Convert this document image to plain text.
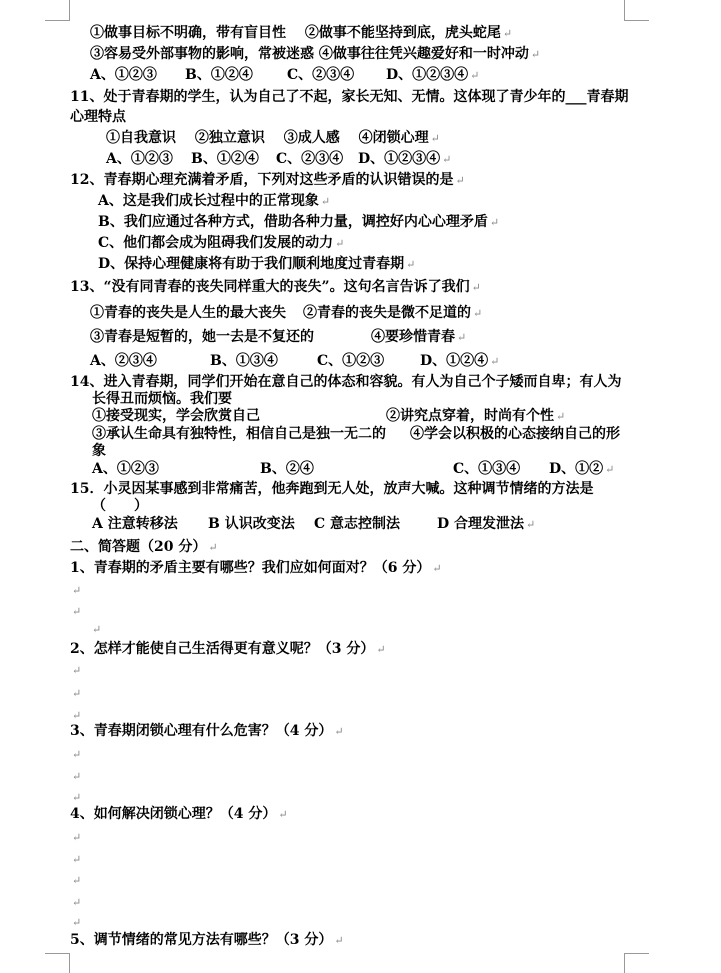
①做事目标不明确，带有盲目性　 ②做事不能坚持到底，虎头蛇尾 ↵
③容易受外部事物的影响，常被迷惑 ④做事往往凭兴趣爱好和一时冲动 ↵
A、①②③ B、①②④ C、②③④ D、①②③④ ↵
11、处于青春期的学生，认为自己了不起，家长无知、无情。这体现了青少年的___青春期
心理特点
①自我意识　 ②独立意识　 ③成人感　 ④闭锁心理 ↵
A、①②③ B、①②④ C、②③④ D、①②③④ ↵
12、青春期心理充满着矛盾，下列对这些矛盾的认识错误的是 ↵
A、这是我们成长过程中的正常现象 ↵
B、我们应通过各种方式，借助各种力量，调控好内心心理矛盾 ↵
C、他们都会成为阻碍我们发展的动力 ↵
D、保持心理健康将有助于我们顺利地度过青春期 ↵
13、“没有同青春的丧失同样重大的丧失”。这句名言告诉了我们 ↵
①青春的丧失是人生的最大丧失 ②青春的丧失是微不足道的 ↵
③青春是短暂的，她一去是不复还的	④要珍惜青春 ↵
A、②③④	B、①③④	C、①②③	D、①②④ ↵
14、进入青春期，同学们开始在意自己的体态和容貌。有人为自己个子矮而自卑；有人为
长得丑而烦恼。我们要
①接受现实，学会欣赏自己	②讲究点穿着，时尚有个性 ↵
③承认生命具有独特性，相信自己是独一无二的 ④学会以积极的心态接纳自己的形
象
A、①②③	B、②④	C、①③④ D、①② ↵
15．小灵因某事感到非常痛苦，他奔跑到无人处，放声大喊。这种调节情绪的方法是
（　　）
A 注意转移法 B 认识改变法 C 意志控制法	D 合理发泄法 ↵
二、简答题（20 分） ↵
1、青春期的矛盾主要有哪些？我们应如何面对？（6 分） ↵
↵
↵
↵
2、怎样才能使自己生活得更有意义呢？（3 分） ↵
↵
↵
↵
3、青春期闭锁心理有什么危害？（4 分） ↵
↵
↵
↵
4、如何解决闭锁心理？（4 分） ↵
↵
↵
↵
↵
↵
5、调节情绪的常见方法有哪些？（3 分） ↵
